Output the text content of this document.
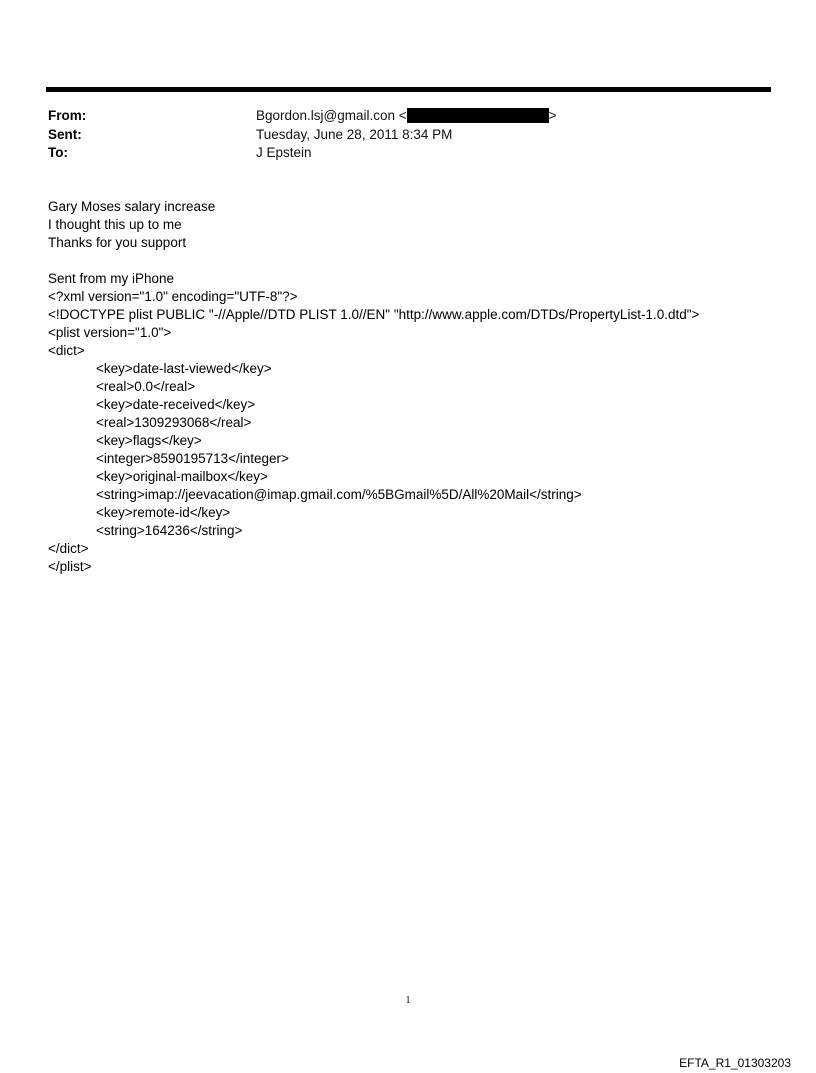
From:	Bgordon.lsj@gmail.con <	>
Sent:	Tuesday, June 28, 2011 8:34 PM
To:	J Epstein
Gary Moses salary increase
I thought this up to me
Thanks for you support
Sent from my iPhone
<?xml version="1.0" encoding="UTF-8"?>
<!DOCTYPE plist PUBLIC "-//Apple//DTD PLIST 1.0//EN" "http://www.apple.com/DTDs/PropertyList-1.0.dtd">
<plist version="1.0">
<dict>
<key>date-last-viewed</key>
<real>0.0</real>
<key>date-received</key>
<real>1309293068</real>
<key>flags</key>
<integer>8590195713</integer>
<key>original-mailbox</key>
<string>imap://jeevacation@imap.gmail.com/%5BGmail%5D/All%20Mail</string>
<key>remote-id</key>
<string>164236</string>
</dict>
</plist>
1
EFTA_R1_01303203
